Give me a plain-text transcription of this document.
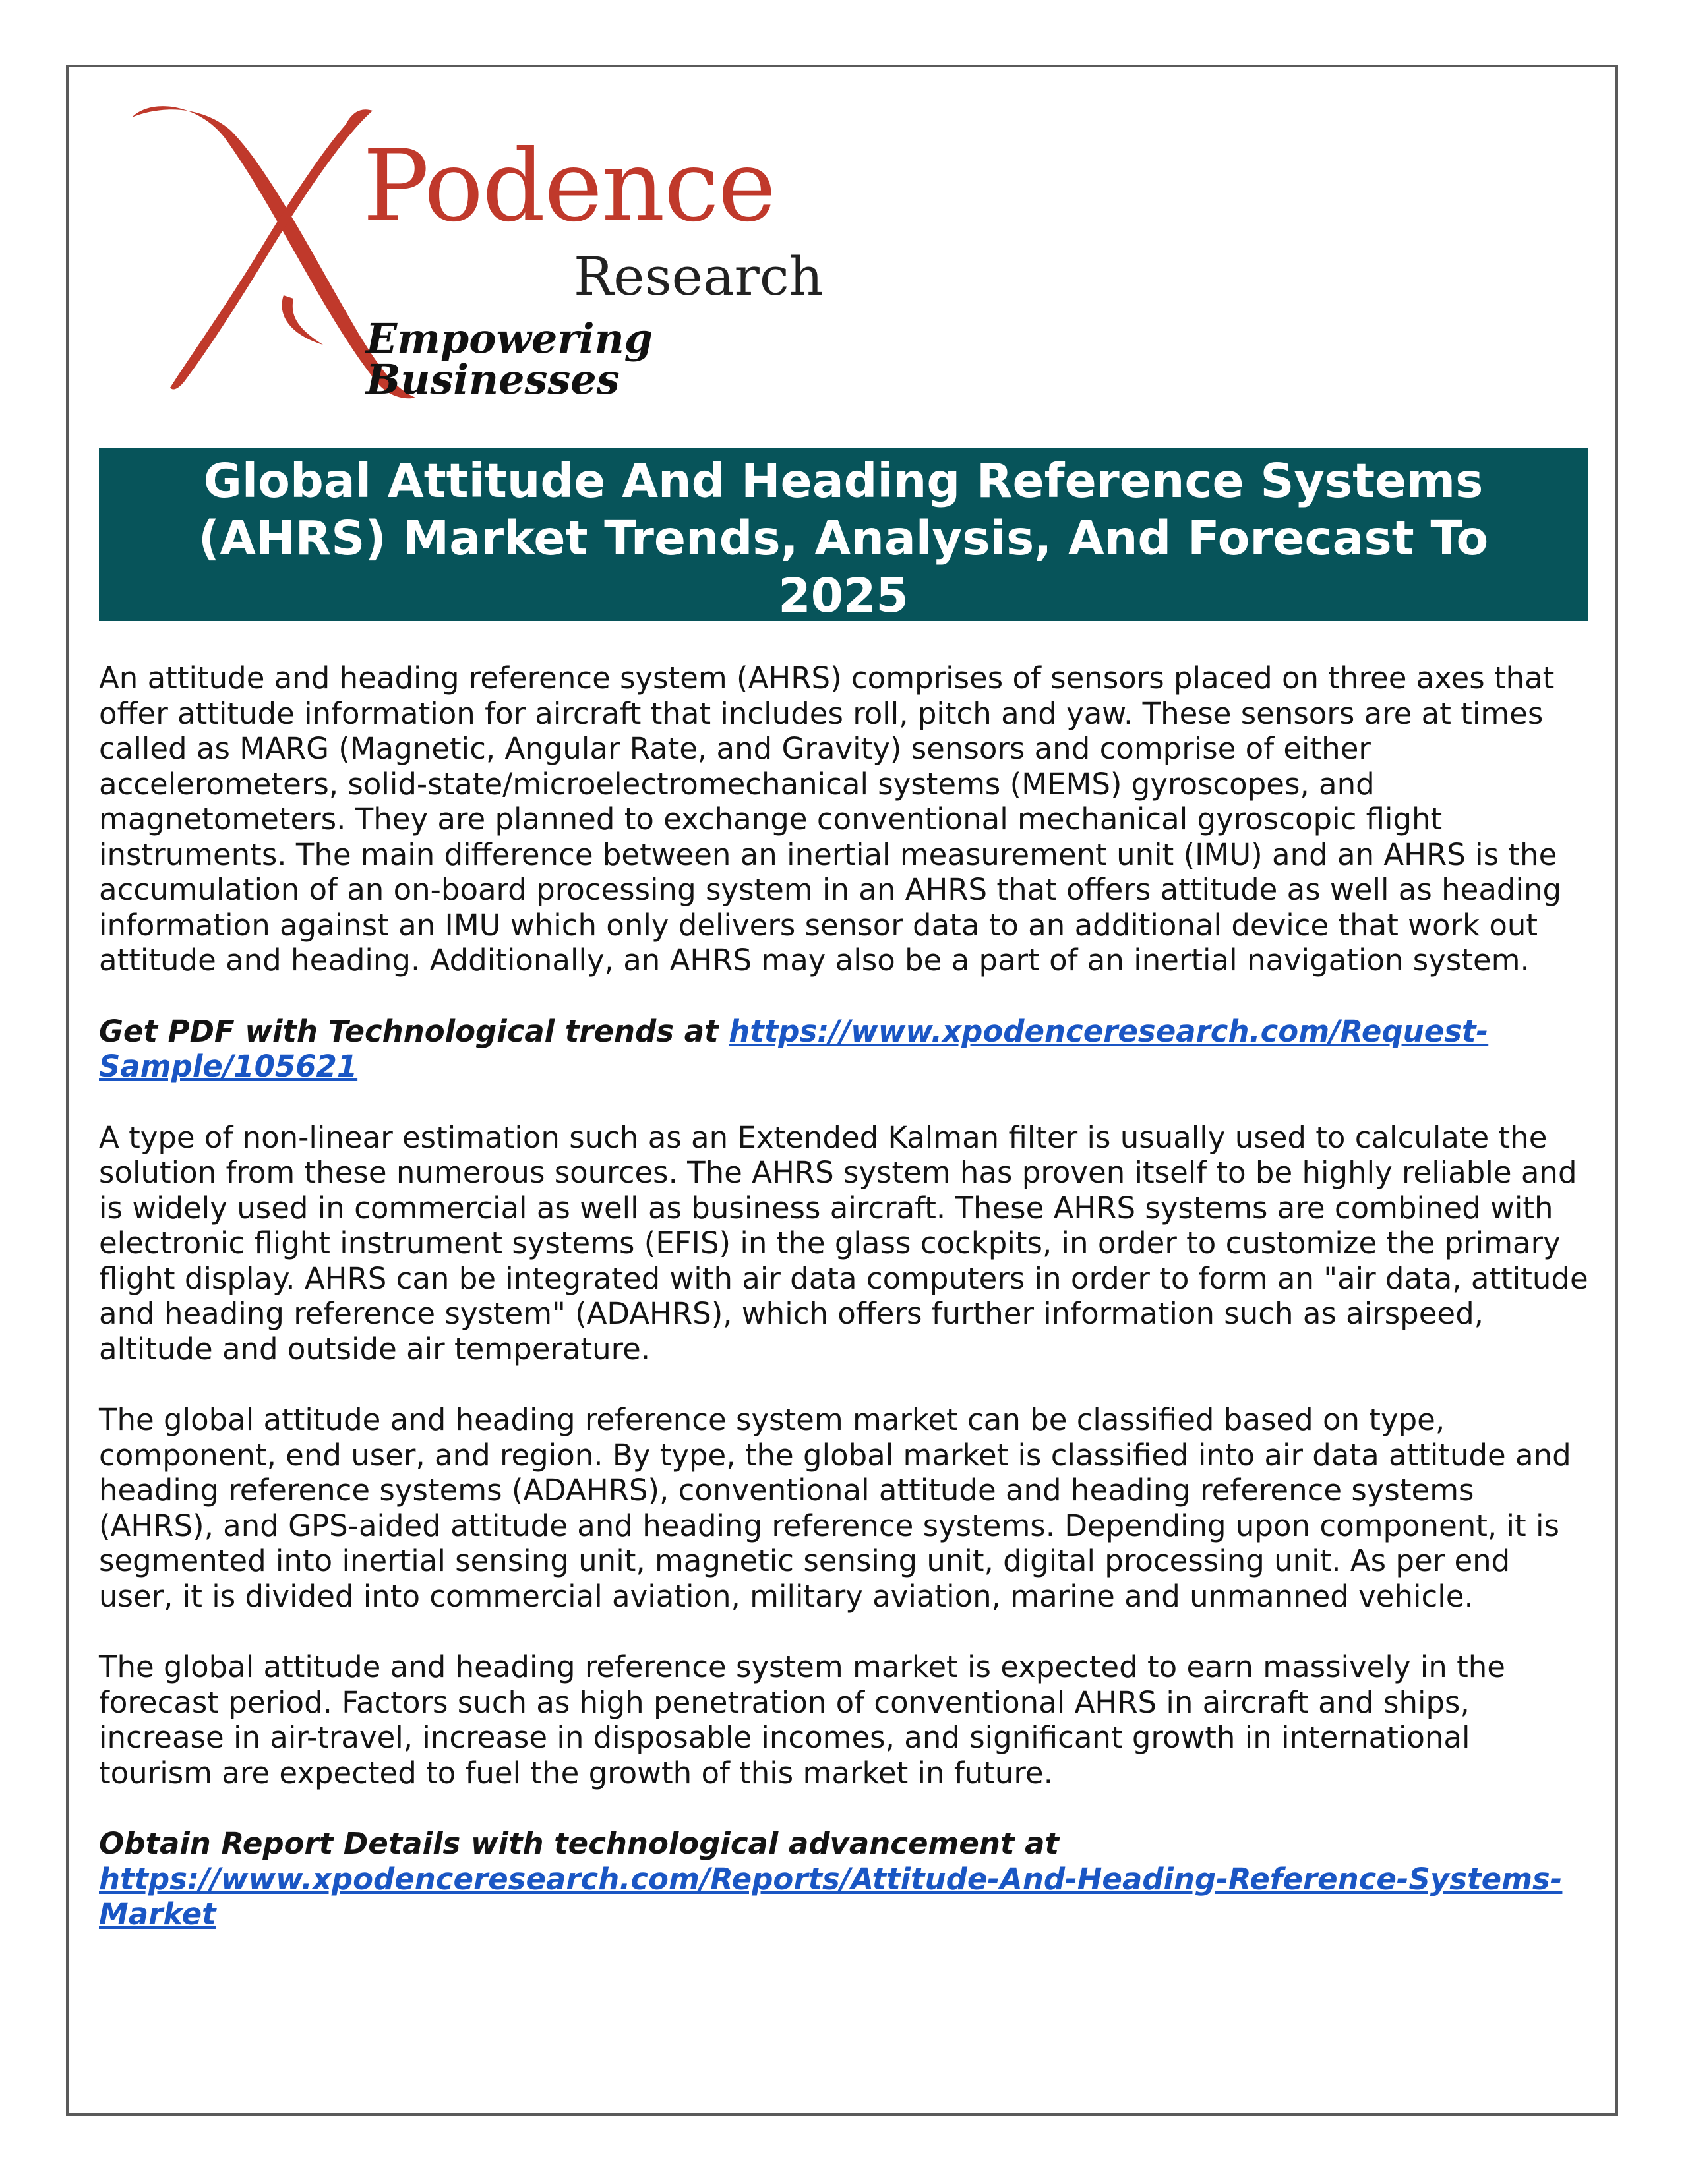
Podence
Research
Empowering Businesses
Global Attitude And Heading Reference Systems (AHRS) Market Trends, Analysis, And Forecast To 2025

An attitude and heading reference system (AHRS) comprises of sensors placed on three axes that offer attitude information for aircraft that includes roll, pitch and yaw. These sensors are at times called as MARG (Magnetic, Angular Rate, and Gravity) sensors and comprise of either accelerometers, solid-state/microelectromechanical systems (MEMS) gyroscopes, and magnetometers. They are planned to exchange conventional mechanical gyroscopic flight instruments. The main difference between an inertial measurement unit (IMU) and an AHRS is the accumulation of an on-board processing system in an AHRS that offers attitude as well as heading information against an IMU which only delivers sensor data to an additional device that work out attitude and heading. Additionally, an AHRS may also be a part of an inertial navigation system.

Get PDF with Technological trends at https://www.xpodenceresearch.com/Request-Sample/105621

A type of non-linear estimation such as an Extended Kalman filter is usually used to calculate the solution from these numerous sources. The AHRS system has proven itself to be highly reliable and is widely used in commercial as well as business aircraft. These AHRS systems are combined with electronic flight instrument systems (EFIS) in the glass cockpits, in order to customize the primary flight display. AHRS can be integrated with air data computers in order to form an "air data, attitude and heading reference system" (ADAHRS), which offers further information such as airspeed, altitude and outside air temperature.

The global attitude and heading reference system market can be classified based on type, component, end user, and region. By type, the global market is classified into air data attitude and heading reference systems (ADAHRS), conventional attitude and heading reference systems (AHRS), and GPS-aided attitude and heading reference systems. Depending upon component, it is segmented into inertial sensing unit, magnetic sensing unit, digital processing unit. As per end user, it is divided into commercial aviation, military aviation, marine and unmanned vehicle.

The global attitude and heading reference system market is expected to earn massively in the forecast period. Factors such as high penetration of conventional AHRS in aircraft and ships, increase in air-travel, increase in disposable incomes, and significant growth in international tourism are expected to fuel the growth of this market in future.

Obtain Report Details with technological advancement at
https://www.xpodenceresearch.com/Reports/Attitude-And-Heading-Reference-Systems-Market
